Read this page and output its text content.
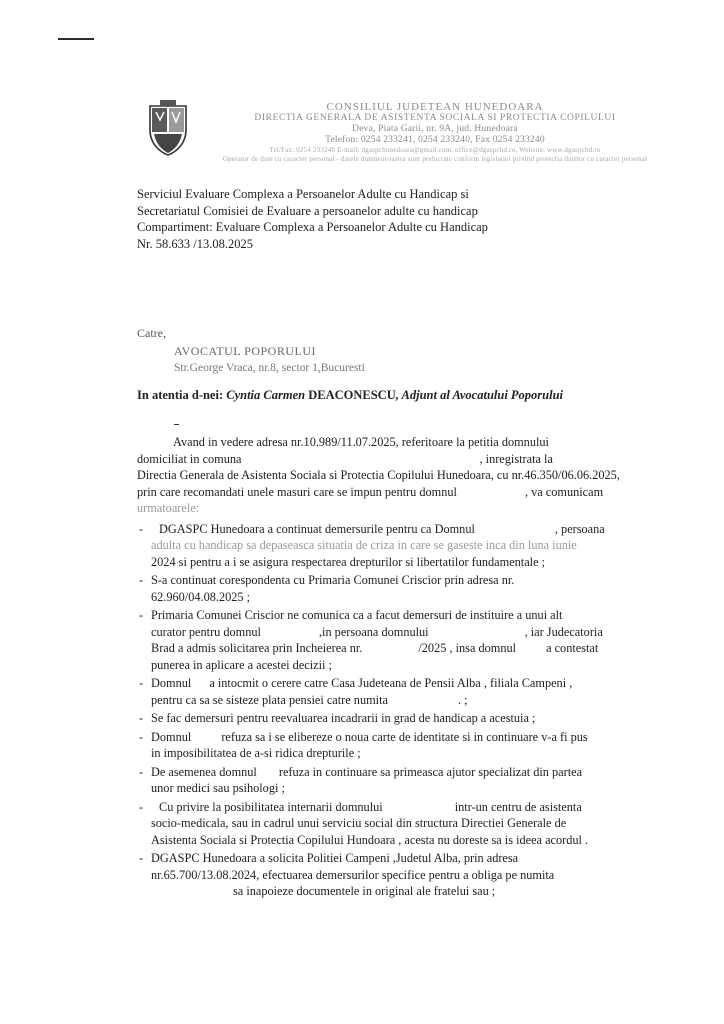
CONSILIUL JUDETEAN HUNEDOARA
DIRECTIA GENERALA DE ASISTENTA SOCIALA SI PROTECTIA COPILULUI
Deva, Piata Garii, nr. 9A, jud. Hunedoara
Telefon: 0254 233241, 0254 233240, Fax 0254 233240
Tel/Fax: 0254 233240 E-mail: dgaspchunedoara@gmail.com, office@dgaspchd.ro, Website: www.dgaspchd.ro
Operator de date cu caracter personal - datele dumneavoastra sunt prelucrate conform legislatiei privind protectia datelor cu caracter personal
Serviciul Evaluare Complexa a Persoanelor Adulte cu Handicap si
Secretariatul Comisiei de Evaluare a persoanelor adulte cu handicap
Compartiment: Evaluare Complexa a Persoanelor Adulte cu Handicap
Nr. 58.633 /13.08.2025
Catre,
AVOCATUL POPORULUI
Str.George Vraca, nr.8, sector 1,Bucuresti
In atentia d-nei: Cyntia Carmen DEACONESCU, Adjunt al Avocatului Poporului
Avand in vedere adresa nr.10.989/11.07.2025, referitoare la petitia domnului
domiciliat in comuna	, inregistrata la
Directia Generala de Asistenta Sociala si Protectia Copilului Hunedoara, cu nr.46.350/06.06.2025,
prin care recomandati unele masuri care se impun pentru domnul	, va comunicam
urmatoarele:
- DGASPC Hunedoara a continuat demersurile pentru ca Domnul	, persoana
adulta cu handicap sa depaseasca situatia de criza in care se gaseste inca din luna iunie
2024 si pentru a i se asigura respectarea drepturilor si libertatilor fundamentale ;
- S-a continuat corespondenta cu Primaria Comunei Criscior prin adresa nr.
62.960/04.08.2025 ;
- Primaria Comunei Criscior ne comunica ca a facut demersuri de instituire a unui alt
curator pentru domnul	,in persoana domnului	, iar Judecatoria
Brad a admis solicitarea prin Incheierea nr.	/2025 , insa domnul a contestat
punerea in aplicare a acestei decizii ;
- Domnul a intocmit o cerere catre Casa Judeteana de Pensii Alba , filiala Campeni ,
pentru ca sa se sisteze plata pensiei catre numita	. ;
- Se fac demersuri pentru reevaluarea incadrarii in grad de handicap a acestuia ;
- Domnul refuza sa i se elibereze o noua carte de identitate si in continuare v-a fi pus
in imposibilitatea de a-si ridica drepturile ;
- De asemenea domnul refuza in continuare sa primeasca ajutor specializat din partea
unor medici sau psihologi ;
- Cu privire la posibilitatea internarii domnului	intr-un centru de asistenta
socio-medicala, sau in cadrul unui serviciu social din structura Directiei Generale de
Asistenta Sociala si Protectia Copilului Hundoara , acesta nu doreste sa is ideea acordul .
- DGASPC Hunedoara a solicita Politiei Campeni ,Judetul Alba, prin adresa
nr.65.700/13.08.2024, efectuarea demersurilor specifice pentru a obliga pe numita
sa inapoieze documentele in original ale fratelui sau ;
